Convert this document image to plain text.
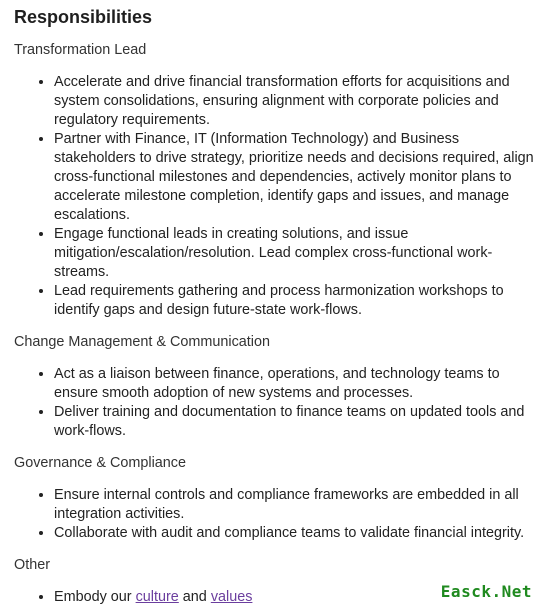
Responsibilities
Transformation Lead
• Accelerate and drive financial transformation efforts for acquisitions and system consolidations, ensuring alignment with corporate policies and regulatory requirements.
• Partner with Finance, IT (Information Technology) and Business stakeholders to drive strategy, prioritize needs and decisions required, align cross-functional milestones and dependencies, actively monitor plans to accelerate milestone completion, identify gaps and issues, and manage escalations.
• Engage functional leads in creating solutions, and issue mitigation/escalation/resolution. Lead complex cross-functional work-streams.
• Lead requirements gathering and process harmonization workshops to identify gaps and design future-state work-flows.
Change Management & Communication
• Act as a liaison between finance, operations, and technology teams to ensure smooth adoption of new systems and processes.
• Deliver training and documentation to finance teams on updated tools and work-flows.
Governance & Compliance
• Ensure internal controls and compliance frameworks are embedded in all integration activities.
• Collaborate with audit and compliance teams to validate financial integrity.
Other
• Embody our culture and values	Easck.Net
